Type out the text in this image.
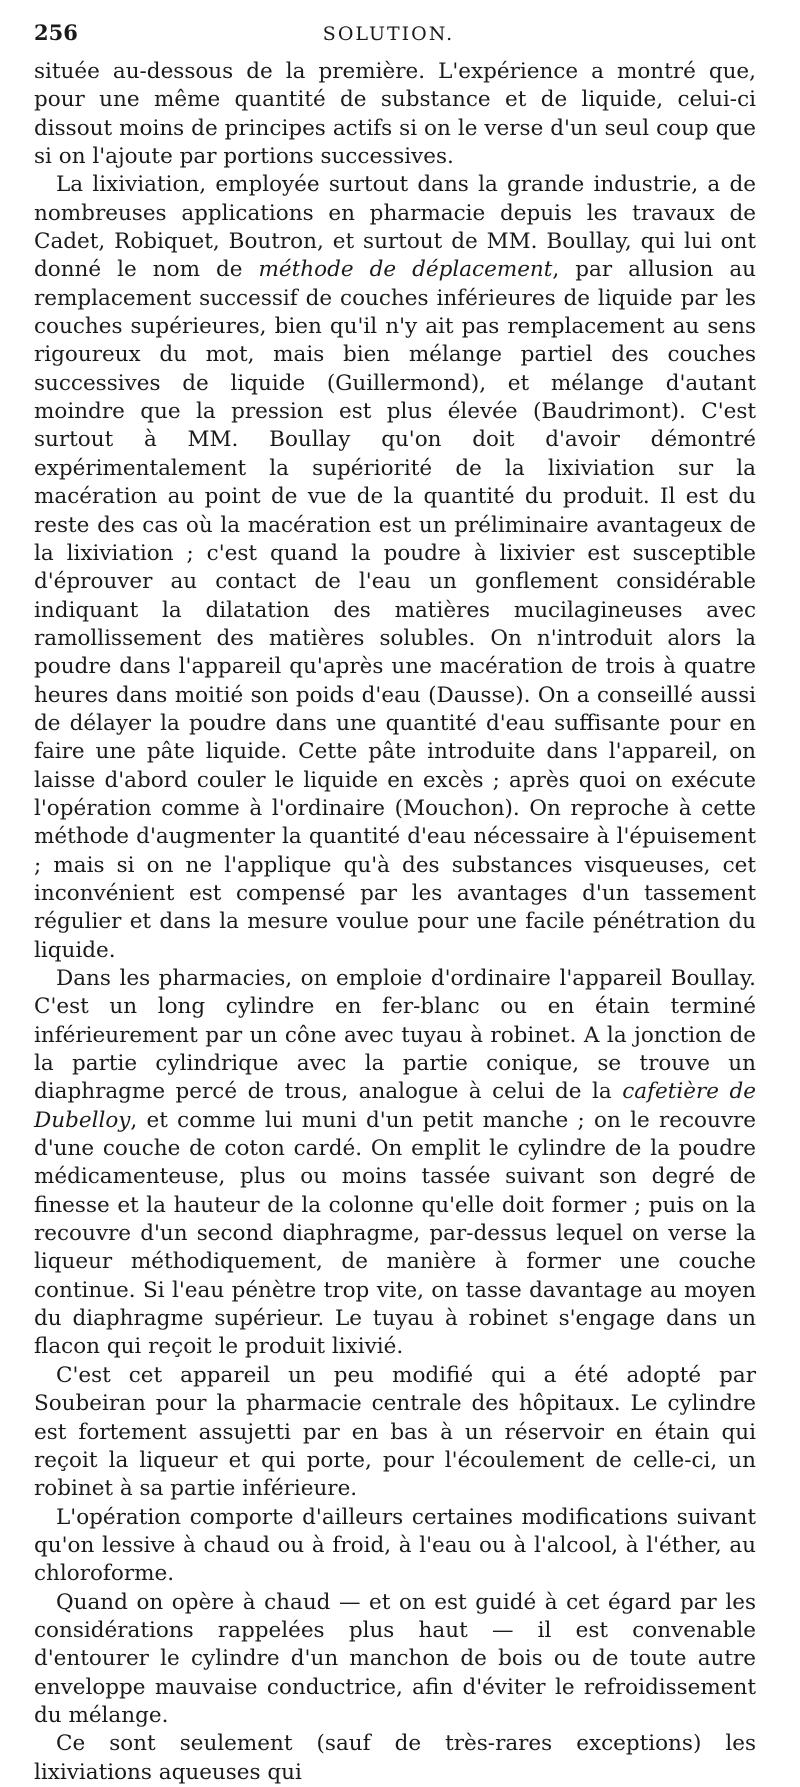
256	SOLUTION.

située au-dessous de la première. L'expérience a montré que, pour une même quantité de substance et de liquide, celui-ci dissout moins de principes actifs si on le verse d'un seul coup que si on l'ajoute par portions successives.

La lixiviation, employée surtout dans la grande industrie, a de nombreuses applications en pharmacie depuis les travaux de Cadet, Robiquet, Boutron, et surtout de MM. Boullay, qui lui ont donné le nom de méthode de déplacement, par allusion au remplacement successif de couches inférieures de liquide par les couches supérieures, bien qu'il n'y ait pas remplacement au sens rigoureux du mot, mais bien mélange partiel des couches successives de liquide (Guillermond), et mélange d'autant moindre que la pression est plus élevée (Baudrimont). C'est surtout à MM. Boullay qu'on doit d'avoir démontré expérimentalement la supériorité de la lixiviation sur la macération au point de vue de la quantité du produit. Il est du reste des cas où la macération est un préliminaire avantageux de la lixiviation ; c'est quand la poudre à lixivier est susceptible d'éprouver au contact de l'eau un gonflement considérable indiquant la dilatation des matières mucilagineuses avec ramollissement des matières solubles. On n'introduit alors la poudre dans l'appareil qu'après une macération de trois à quatre heures dans moitié son poids d'eau (Dausse). On a conseillé aussi de délayer la poudre dans une quantité d'eau suffisante pour en faire une pâte liquide. Cette pâte introduite dans l'appareil, on laisse d'abord couler le liquide en excès ; après quoi on exécute l'opération comme à l'ordinaire (Mouchon). On reproche à cette méthode d'augmenter la quantité d'eau nécessaire à l'épuisement ; mais si on ne l'applique qu'à des substances visqueuses, cet inconvénient est compensé par les avantages d'un tassement régulier et dans la mesure voulue pour une facile pénétration du liquide.

Dans les pharmacies, on emploie d'ordinaire l'appareil Boullay. C'est un long cylindre en fer-blanc ou en étain terminé inférieurement par un cône avec tuyau à robinet. A la jonction de la partie cylindrique avec la partie conique, se trouve un diaphragme percé de trous, analogue à celui de la cafetière de Dubelloy, et comme lui muni d'un petit manche ; on le recouvre d'une couche de coton cardé. On emplit le cylindre de la poudre médicamenteuse, plus ou moins tassée suivant son degré de finesse et la hauteur de la colonne qu'elle doit former ; puis on la recouvre d'un second diaphragme, par-dessus lequel on verse la liqueur méthodiquement, de manière à former une couche continue. Si l'eau pénètre trop vite, on tasse davantage au moyen du diaphragme supérieur. Le tuyau à robinet s'engage dans un flacon qui reçoit le produit lixivié.

C'est cet appareil un peu modifié qui a été adopté par Soubeiran pour la pharmacie centrale des hôpitaux. Le cylindre est fortement assujetti par en bas à un réservoir en étain qui reçoit la liqueur et qui porte, pour l'écoulement de celle-ci, un robinet à sa partie inférieure.

L'opération comporte d'ailleurs certaines modifications suivant qu'on lessive à chaud ou à froid, à l'eau ou à l'alcool, à l'éther, au chloroforme.

Quand on opère à chaud — et on est guidé à cet égard par les considérations rappelées plus haut — il est convenable d'entourer le cylindre d'un manchon de bois ou de toute autre enveloppe mauvaise conductrice, afin d'éviter le refroidissement du mélange.

Ce sont seulement (sauf de très-rares exceptions) les lixiviations aqueuses qui
